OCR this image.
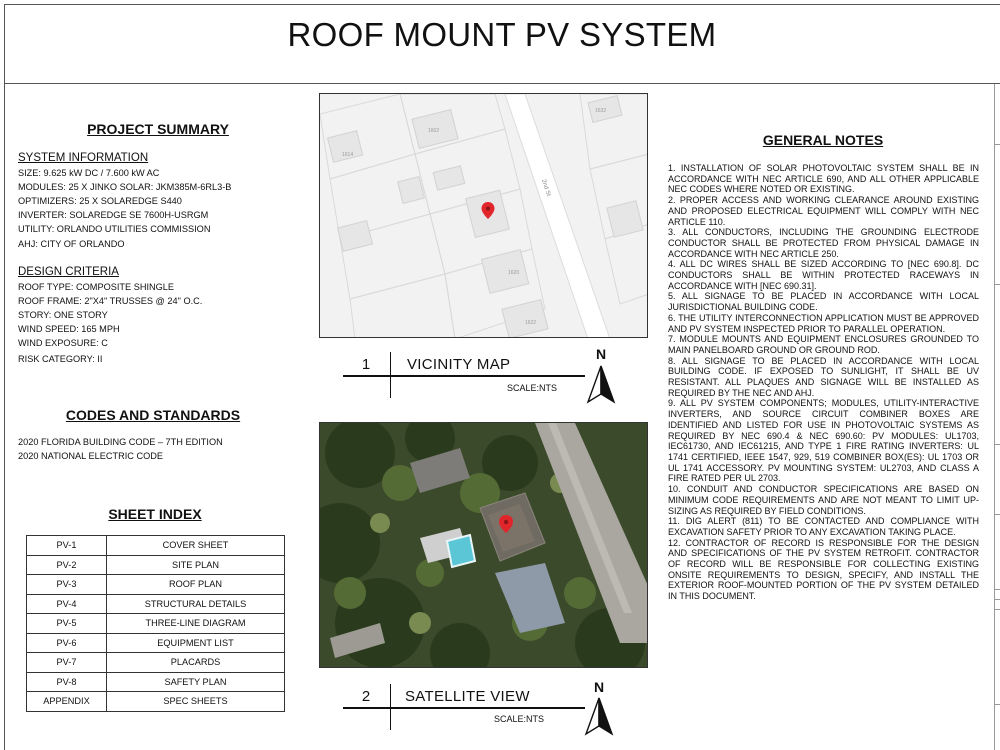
ROOF MOUNT PV SYSTEM
PROJECT SUMMARY
SYSTEM INFORMATION
SIZE: 9.625 kW DC / 7.600 kW AC
MODULES: 25 X JINKO SOLAR: JKM385M-6RL3-B
OPTIMIZERS: 25 X SOLAREDGE S440
INVERTER: SOLAREDGE SE 7600H-USRGM
UTILITY: ORLANDO UTILITIES COMMISSION
AHJ: CITY OF ORLANDO
DESIGN CRITERIA
ROOF TYPE: COMPOSITE SHINGLE
ROOF FRAME: 2"X4" TRUSSES @ 24" O.C.
STORY: ONE STORY
WIND SPEED: 165 MPH
WIND EXPOSURE: C
RISK CATEGORY: II
CODES AND STANDARDS
2020 FLORIDA BUILDING CODE – 7TH EDITION
2020 NATIONAL ELECTRIC CODE
SHEET INDEX
PV-1	COVER SHEET
PV-2	SITE PLAN
PV-3	ROOF PLAN
PV-4	STRUCTURAL DETAILS
PV-5	THREE-LINE DIAGRAM
PV-6	EQUIPMENT LIST
PV-7	PLACARDS
PV-8	SAFETY PLAN
APPENDIX	SPEC SHEETS
2nd St
1602
1614
1620
1622
1632
1	VICINITY MAP
SCALE:NTS
N
2	SATELLITE VIEW
SCALE:NTS
N
GENERAL NOTES

1. INSTALLATION OF SOLAR PHOTOVOLTAIC SYSTEM SHALL BE IN ACCORDANCE WITH NEC ARTICLE 690, AND ALL OTHER APPLICABLE NEC CODES WHERE NOTED OR EXISTING.

2. PROPER ACCESS AND WORKING CLEARANCE AROUND EXISTING AND PROPOSED ELECTRICAL EQUIPMENT WILL COMPLY WITH NEC ARTICLE 110.

3. ALL CONDUCTORS, INCLUDING THE GROUNDING ELECTRODE CONDUCTOR SHALL BE PROTECTED FROM PHYSICAL DAMAGE IN ACCORDANCE WITH NEC ARTICLE 250.

4. ALL DC WIRES SHALL BE SIZED ACCORDING TO [NEC 690.8]. DC CONDUCTORS SHALL BE WITHIN PROTECTED RACEWAYS IN ACCORDANCE WITH [NEC 690.31].

5. ALL SIGNAGE TO BE PLACED IN ACCORDANCE WITH LOCAL JURISDICTIONAL BUILDING CODE.

6. THE UTILITY INTERCONNECTION APPLICATION MUST BE APPROVED AND PV SYSTEM INSPECTED PRIOR TO PARALLEL OPERATION.

7. MODULE MOUNTS AND EQUIPMENT ENCLOSURES GROUNDED TO MAIN PANELBOARD GROUND OR GROUND ROD.

8. ALL SIGNAGE TO BE PLACED IN ACCORDANCE WITH LOCAL BUILDING CODE. IF EXPOSED TO SUNLIGHT, IT SHALL BE UV RESISTANT. ALL PLAQUES AND SIGNAGE WILL BE INSTALLED AS REQUIRED BY THE NEC AND AHJ.

9. ALL PV SYSTEM COMPONENTS; MODULES, UTILITY-INTERACTIVE INVERTERS, AND SOURCE CIRCUIT COMBINER BOXES ARE IDENTIFIED AND LISTED FOR USE IN PHOTOVOLTAIC SYSTEMS AS REQUIRED BY NEC 690.4 & NEC 690.60: PV MODULES: UL1703, IEC61730, AND IEC61215, AND TYPE 1 FIRE RATING INVERTERS: UL 1741 CERTIFIED, IEEE 1547, 929, 519 COMBINER BOX(ES): UL 1703 OR UL 1741 ACCESSORY. PV MOUNTING SYSTEM: UL2703, AND CLASS A FIRE RATED PER UL 2703.

10. CONDUIT AND CONDUCTOR SPECIFICATIONS ARE BASED ON MINIMUM CODE REQUIREMENTS AND ARE NOT MEANT TO LIMIT UP-SIZING AS REQUIRED BY FIELD CONDITIONS.

11. DIG ALERT (811) TO BE CONTACTED AND COMPLIANCE WITH EXCAVATION SAFETY PRIOR TO ANY EXCAVATION TAKING PLACE.

12. CONTRACTOR OF RECORD IS RESPONSIBLE FOR THE DESIGN AND SPECIFICATIONS OF THE PV SYSTEM RETROFIT. CONTRACTOR OF RECORD WILL BE RESPONSIBLE FOR COLLECTING EXISTING ONSITE REQUIREMENTS TO DESIGN, SPECIFY, AND INSTALL THE EXTERIOR ROOF-MOUNTED PORTION OF THE PV SYSTEM DETAILED IN THIS DOCUMENT.
